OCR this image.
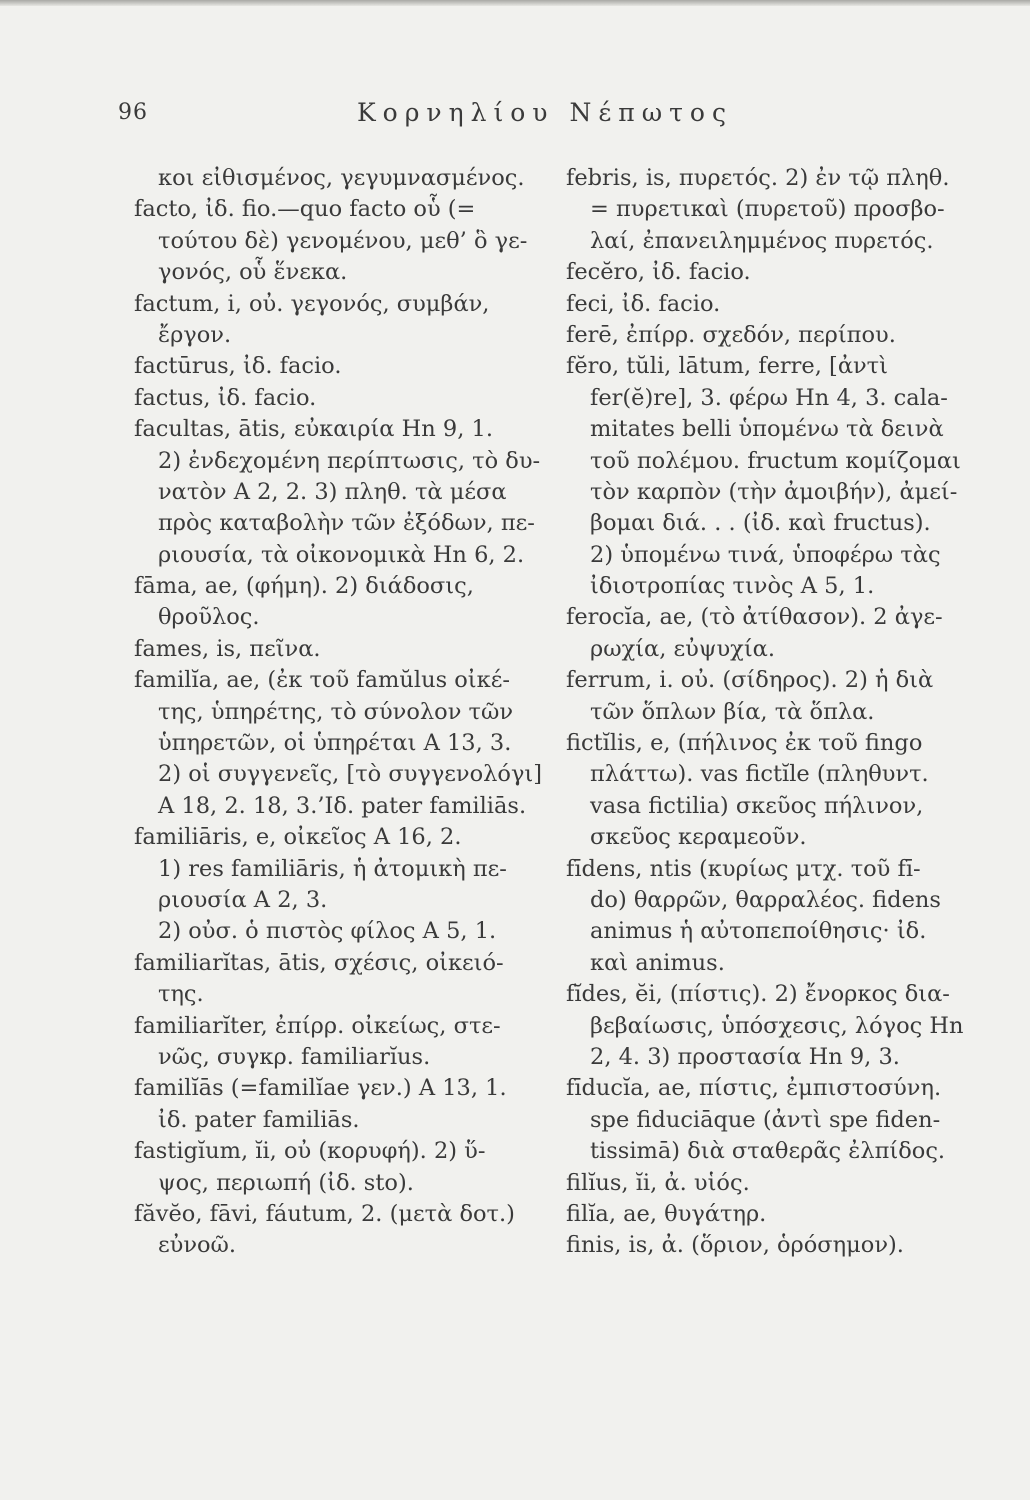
96	Κορνηλίου Νέπωτος
κοι εἰθισμένος, γεγυμνασμένος.
facto, ἰδ. fio.—quo facto οὗ (=
τούτου δὲ) γενομένου, μεθ’ ὃ γε-
γονός, οὗ ἕνεκα.
factum, i, οὐ. γεγονός, συμβάν,
ἔργον.
factūrus, ἰδ. facio.
factus, ἰδ. facio.
facultas, ātis, εὐκαιρία Hn 9, 1.
2) ἐνδεχομένη περίπτωσις, τὸ δυ-
νατὸν A 2, 2. 3) πληθ. τὰ μέσα
πρὸς καταβολὴν τῶν ἐξόδων, πε-
ριουσία, τὰ οἰκονομικὰ Hn 6, 2.
fāma, ae, (φήμη). 2) διάδοσις,
θροῦλος.
fames, is, πεῖνα.
familĭa, ae, (ἐκ τοῦ famŭlus οἰκέ-
της, ὑπηρέτης, τὸ σύνολον τῶν
ὑπηρετῶν, οἱ ὑπηρέται A 13, 3.
2) οἱ συγγενεῖς, [τὸ συγγενολόγι]
A 18, 2. 18, 3.’Ιδ. pater familiās.
familiāris, e, οἰκεῖος A 16, 2.
1) res familiāris, ἡ ἀτομικὴ πε-
ριουσία A 2, 3.
2) οὐσ. ὁ πιστὸς φίλος A 5, 1.
familiarĭtas, ātis, σχέσις, οἰκειό-
της.
familiarĭter, ἐπίρρ. οἰκείως, στε-
νῶς, συγκρ. familiarĭus.
familĭās (=familĭae γεν.) A 13, 1.
ἰδ. pater familiās.
fastigĭum, ĭi, οὐ (κορυφή). 2) ὕ-
ψος, περιωπή (ἰδ. sto).
făvĕo, fāvi, fáutum, 2. (μετὰ δοτ.)
εὐνοῶ.
febris, is, πυρετός. 2) ἐν τῷ πληθ.
= πυρετικαὶ (πυρετοῦ) προσβο-
λαί, ἐπανειλημμένος πυρετός.
fecĕro, ἰδ. facio.
feci, ἰδ. facio.
ferē, ἐπίρρ. σχεδόν, περίπου.
fĕro, tŭli, lātum, ferre, [ἀντὶ
fer(ĕ)re], 3. φέρω Hn 4, 3. cala-
mitates belli ὑπομένω τὰ δεινὰ
τοῦ πολέμου. fructum κομίζομαι
τὸν καρπὸν (τὴν ἀμοιβήν), ἀμεί-
βομαι διά. . . (ἰδ. καὶ fructus).
2) ὑπομένω τινά, ὑποφέρω τὰς
ἰδιοτροπίας τινὸς A 5, 1.
ferocĭa, ae, (τὸ ἀτίθασον). 2 ἀγε-
ρωχία, εὐψυχία.
ferrum, i. οὐ. (σίδηρος). 2) ἡ διὰ
τῶν ὅπλων βία, τὰ ὅπλα.
fictĭlis, e, (πήλινος ἐκ τοῦ fingo
πλάττω). vas fictĭle (πληθυντ.
vasa fictilia) σκεῦος πήλινον,
σκεῦος κεραμεοῦν.
fīdens, ntis (κυρίως μτχ. τοῦ fī-
do) θαρρῶν, θαρραλέος. fidens
animus ἡ αὐτοπεποίθησις· ἰδ.
καὶ animus.
fĭdes, ĕi, (πίστις). 2) ἔνορκος δια-
βεβαίωσις, ὑπόσχεσις, λόγος Hn
2, 4. 3) προστασία Hn 9, 3.
fīducĭa, ae, πίστις, ἐμπιστοσύνη.
spe fiduciāque (ἀντὶ spe fiden-
tissimā) διὰ σταθερᾶς ἐλπίδος.
filĭus, ĭi, ἀ. υἱός.
filĭa, ae, θυγάτηρ.
finis, is, ἀ. (ὅριον, ὁρόσημον).
